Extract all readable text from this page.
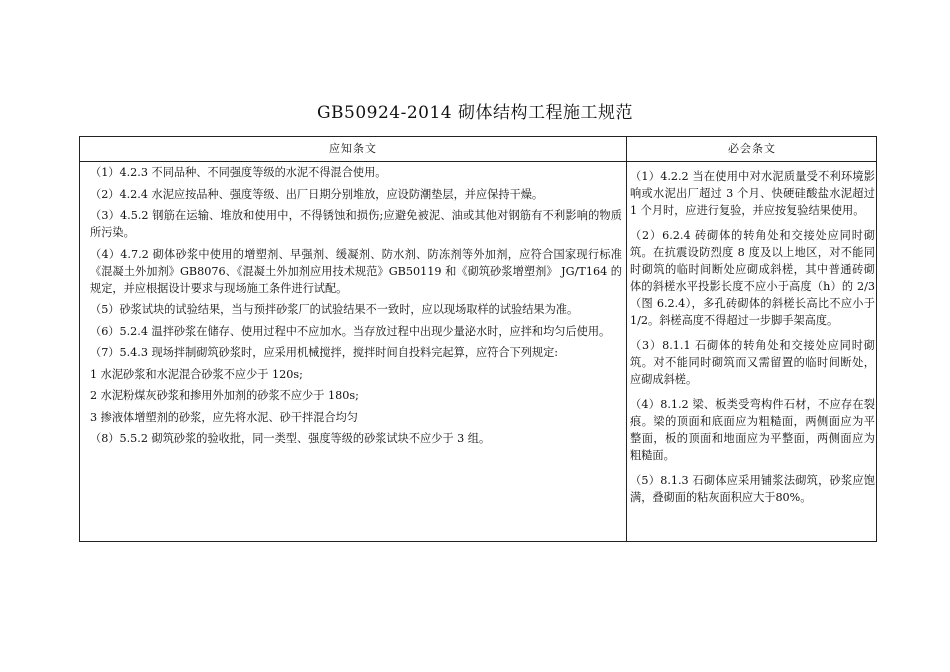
GB50924-2014 砌体结构工程施工规范
应知条文	必会条文
（1）4.2.3 不同品种、不同强度等级的水泥不得混合使用。
（2）4.2.4 水泥应按品种、强度等级、出厂日期分别堆放，应设防潮垫层，并应保持干燥。
（3）4.5.2 钢筋在运输、堆放和使用中，不得锈蚀和损伤;应避免被泥、油或其他对钢筋有不利影响的物质所污染。
（4）4.7.2 砌体砂浆中使用的增塑剂、早强剂、缓凝剂、防水剂、防冻剂等外加剂，应符合国家现行标准《混凝土外加剂》GB8076、《混凝土外加剂应用技术规范》GB50119 和《砌筑砂浆增塑剂》 JG/T164 的规定，并应根据设计要求与现场施工条件进行试配。
（5）砂浆试块的试验结果，当与预拌砂浆厂的试验结果不一致时，应以现场取样的试验结果为准。
（6）5.2.4 温拌砂浆在储存、使用过程中不应加水。当存放过程中出现少量泌水时，应拌和均匀后使用。
（7）5.4.3 现场拌制砌筑砂浆时，应采用机械搅拌，搅拌时间自投料完起算，应符合下列规定:
1 水泥砂浆和水泥混合砂浆不应少于 120s;
2 水泥粉煤灰砂浆和掺用外加剂的砂浆不应少于 180s;
3 掺液体增塑剂的砂浆，应先将水泥、砂干拌混合均匀
（8）5.5.2 砌筑砂浆的验收批，同一类型、强度等级的砂浆试块不应少于 3 组。
（1）4.2.2 当在使用中对水泥质量受不利环境影响或水泥出厂超过 3 个月、快硬硅酸盐水泥超过 1 个月时，应进行复验，并应按复验结果使用。
（2）6.2.4 砖砌体的转角处和交接处应同时砌筑。在抗震设防烈度 8 度及以上地区，对不能同时砌筑的临时间断处应砌成斜槎，其中普通砖砌体的斜槎水平投影长度不应小于高度（h）的 2/3（图 6.2.4），多孔砖砌体的斜槎长高比不应小于 1/2。斜槎高度不得超过一步脚手架高度。
（3）8.1.1 石砌体的转角处和交接处应同时砌筑。对不能同时砌筑而又需留置的临时间断处，应砌成斜槎。
（4）8.1.2 梁、板类受弯构件石材，不应存在裂痕。梁的顶面和底面应为粗糙面，两侧面应为平整面，板的顶面和地面应为平整面，两侧面应为粗糙面。
（5）8.1.3 石砌体应采用铺浆法砌筑，砂浆应饱满，叠砌面的粘灰面积应大于80%。
